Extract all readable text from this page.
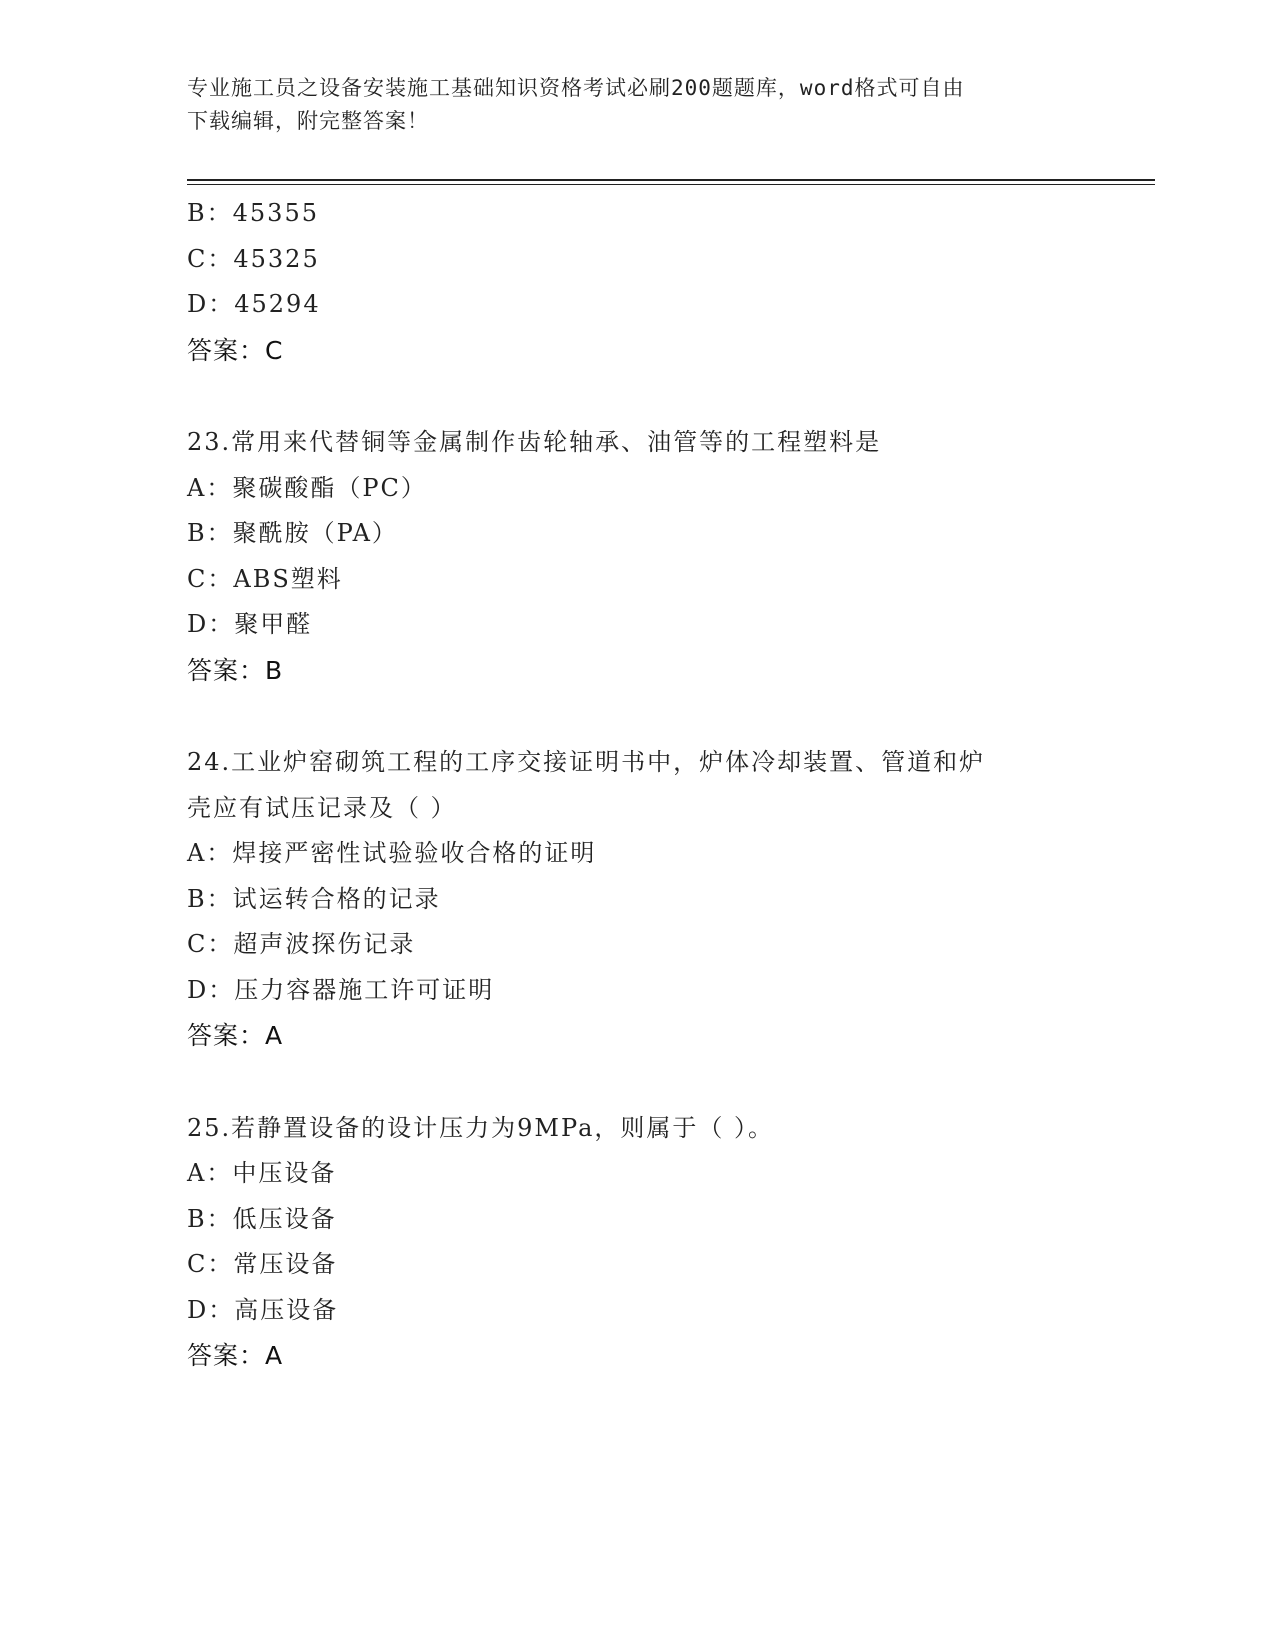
专业施工员之设备安装施工基础知识资格考试必刷200题题库，word格式可自由
下载编辑，附完整答案！
B：45355
C：45325
D：45294
答案：C
23.常用来代替铜等金属制作齿轮轴承、油管等的工程塑料是
A：聚碳酸酯（PC）
B：聚酰胺（PA）
C：ABS塑料
D：聚甲醛
答案：B
24.工业炉窑砌筑工程的工序交接证明书中，炉体冷却装置、管道和炉
壳应有试压记录及（ ）
A：焊接严密性试验验收合格的证明
B：试运转合格的记录
C：超声波探伤记录
D：压力容器施工许可证明
答案：A
25.若静置设备的设计压力为9MPa，则属于（ ）。
A：中压设备
B：低压设备
C：常压设备
D：高压设备
答案：A
